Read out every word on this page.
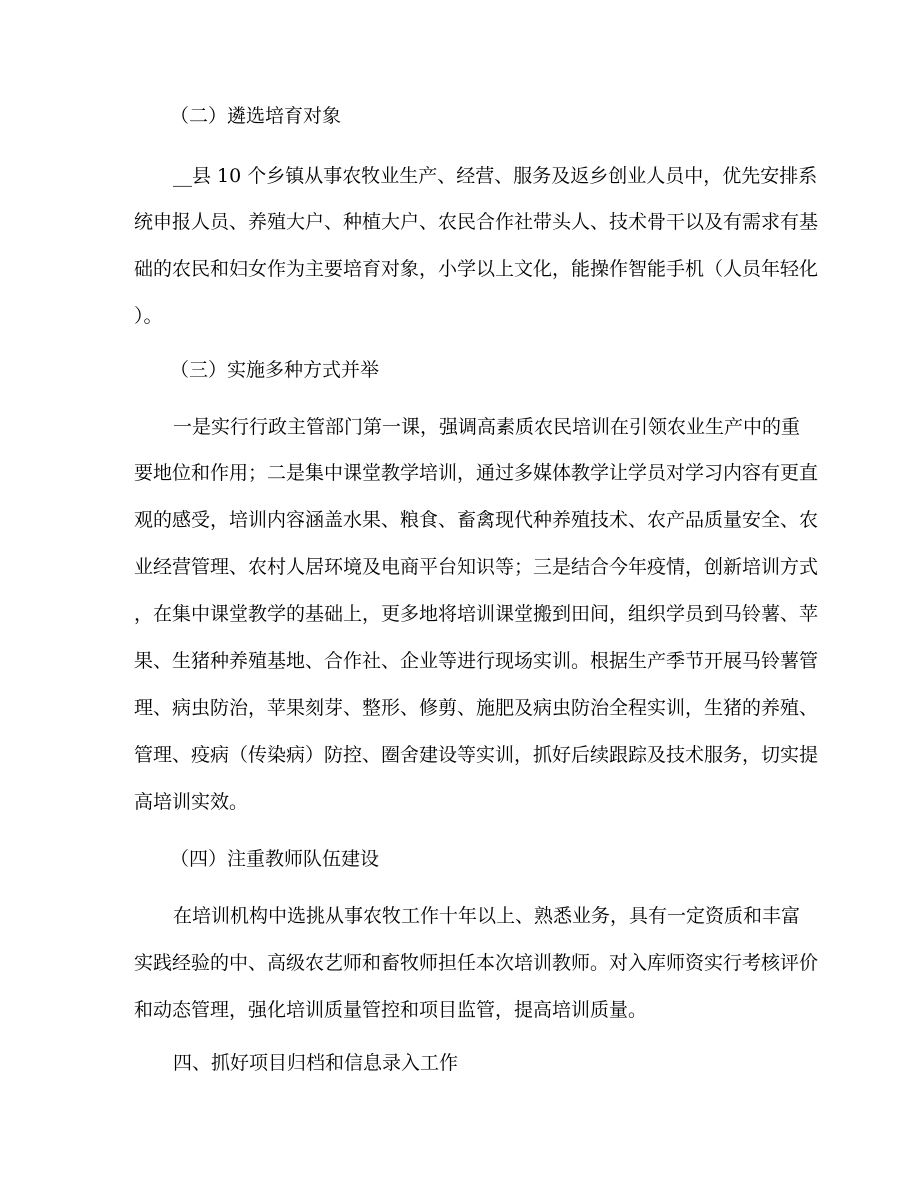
（二）遴选培育对象
__县 10 个乡镇从事农牧业生产、经营、服务及返乡创业人员中，优先安排系
统申报人员、养殖大户、种植大户、农民合作社带头人、技术骨干以及有需求有基
础的农民和妇女作为主要培育对象，小学以上文化，能操作智能手机（人员年轻化
）。
（三）实施多种方式并举
一是实行行政主管部门第一课，强调高素质农民培训在引领农业生产中的重
要地位和作用；二是集中课堂教学培训，通过多媒体教学让学员对学习内容有更直
观的感受，培训内容涵盖水果、粮食、畜禽现代种养殖技术、农产品质量安全、农
业经营管理、农村人居环境及电商平台知识等；三是结合今年疫情，创新培训方式
，在集中课堂教学的基础上，更多地将培训课堂搬到田间，组织学员到马铃薯、苹
果、生猪种养殖基地、合作社、企业等进行现场实训。根据生产季节开展马铃薯管
理、病虫防治，苹果刻芽、整形、修剪、施肥及病虫防治全程实训，生猪的养殖、
管理、疫病（传染病）防控、圈舍建设等实训，抓好后续跟踪及技术服务，切实提
高培训实效。
（四）注重教师队伍建设
在培训机构中选挑从事农牧工作十年以上、熟悉业务，具有一定资质和丰富
实践经验的中、高级农艺师和畜牧师担任本次培训教师。对入库师资实行考核评价
和动态管理，强化培训质量管控和项目监管，提高培训质量。
四、抓好项目归档和信息录入工作
